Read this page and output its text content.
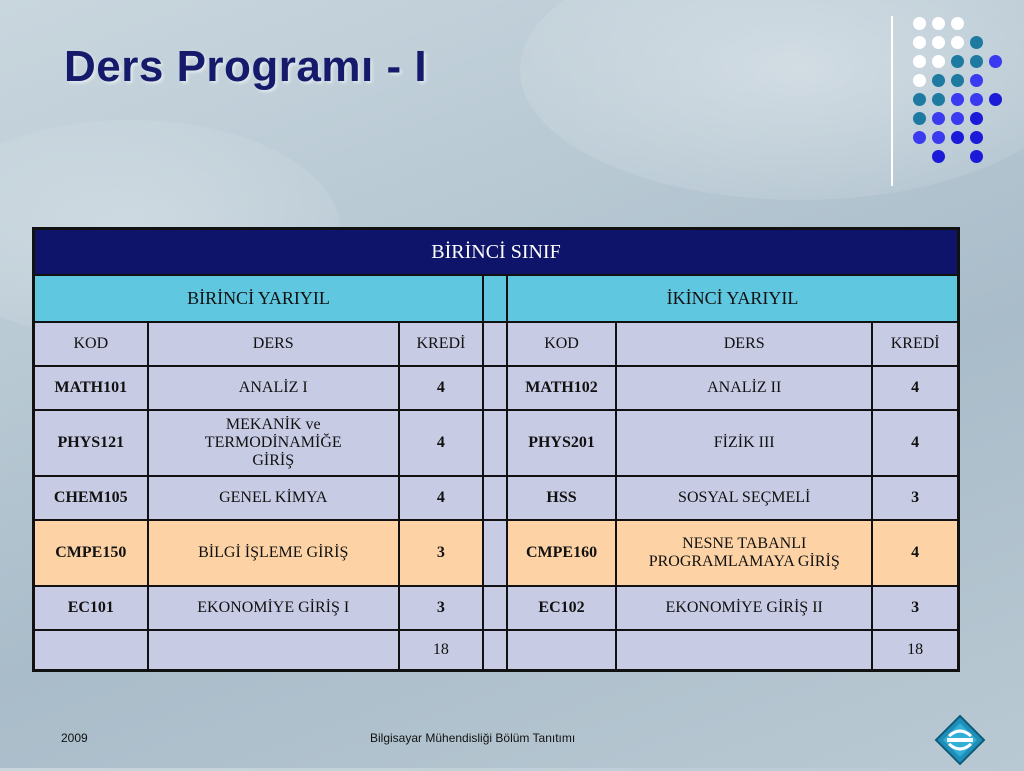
Ders Programı - I
BİRİNCİ SINIF						
BİRİNCİ YARIYIL				İKİNCİ YARIYIL		
KOD	DERS	KREDİ		KOD	DERS	KREDİ
MATH101	ANALİZ I	4		MATH102	ANALİZ II	4
PHYS121	MEKANİK ve TERMODİNAMİĞE GİRİŞ	4		PHYS201	FİZİK III	4
CHEM105	GENEL KİMYA	4		HSS	SOSYAL SEÇMELİ	3
CMPE150	BİLGİ İŞLEME GİRİŞ	3		CMPE160	NESNE TABANLI PROGRAMLAMAYA GİRİŞ	4
EC101	EKONOMİYE GİRİŞ I	3		EC102	EKONOMİYE GİRİŞ II	3
		18				18
2009	Bilgisayar Mühendisliği Bölüm Tanıtımı
